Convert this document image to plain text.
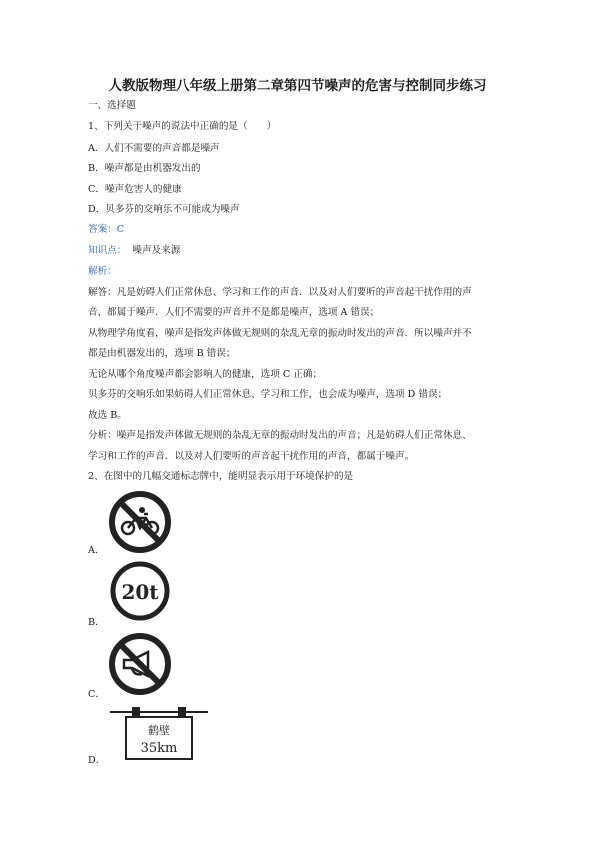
人教版物理八年级上册第二章第四节噪声的危害与控制同步练习
一、选择题
1、下列关于噪声的说法中正确的是（　　）
A．人们不需要的声音都是噪声
B．噪声都是由机器发出的
C．噪声危害人的健康
D．贝多芬的交响乐不可能成为噪声
答案：C
知识点： 噪声及来源
解析：
解答：凡是妨碍人们正常休息、学习和工作的声音．以及对人们要听的声音起干扰作用的声
音，都属于噪声．人们不需要的声音并不是都是噪声，选项 A 错误；
从物理学角度看，噪声是指发声体做无规则的杂乱无章的振动时发出的声音．所以噪声并不
都是由机器发出的，选项 B 错误；
无论从哪个角度噪声都会影响人的健康，选项 C 正确；
贝多芬的交响乐如果妨碍人们正常休息、学习和工作，也会成为噪声，选项 D 错误；
故选 B。
分析：噪声是指发声体做无规则的杂乱无章的振动时发出的声音；凡是妨碍人们正常休息、
学习和工作的声音．以及对人们要听的声音起干扰作用的声音，都属于噪声。
2、在图中的几幅交通标志牌中，能明显表示用于环境保护的是
A．
20t
B．
C．
鹤壁
35km
D．
